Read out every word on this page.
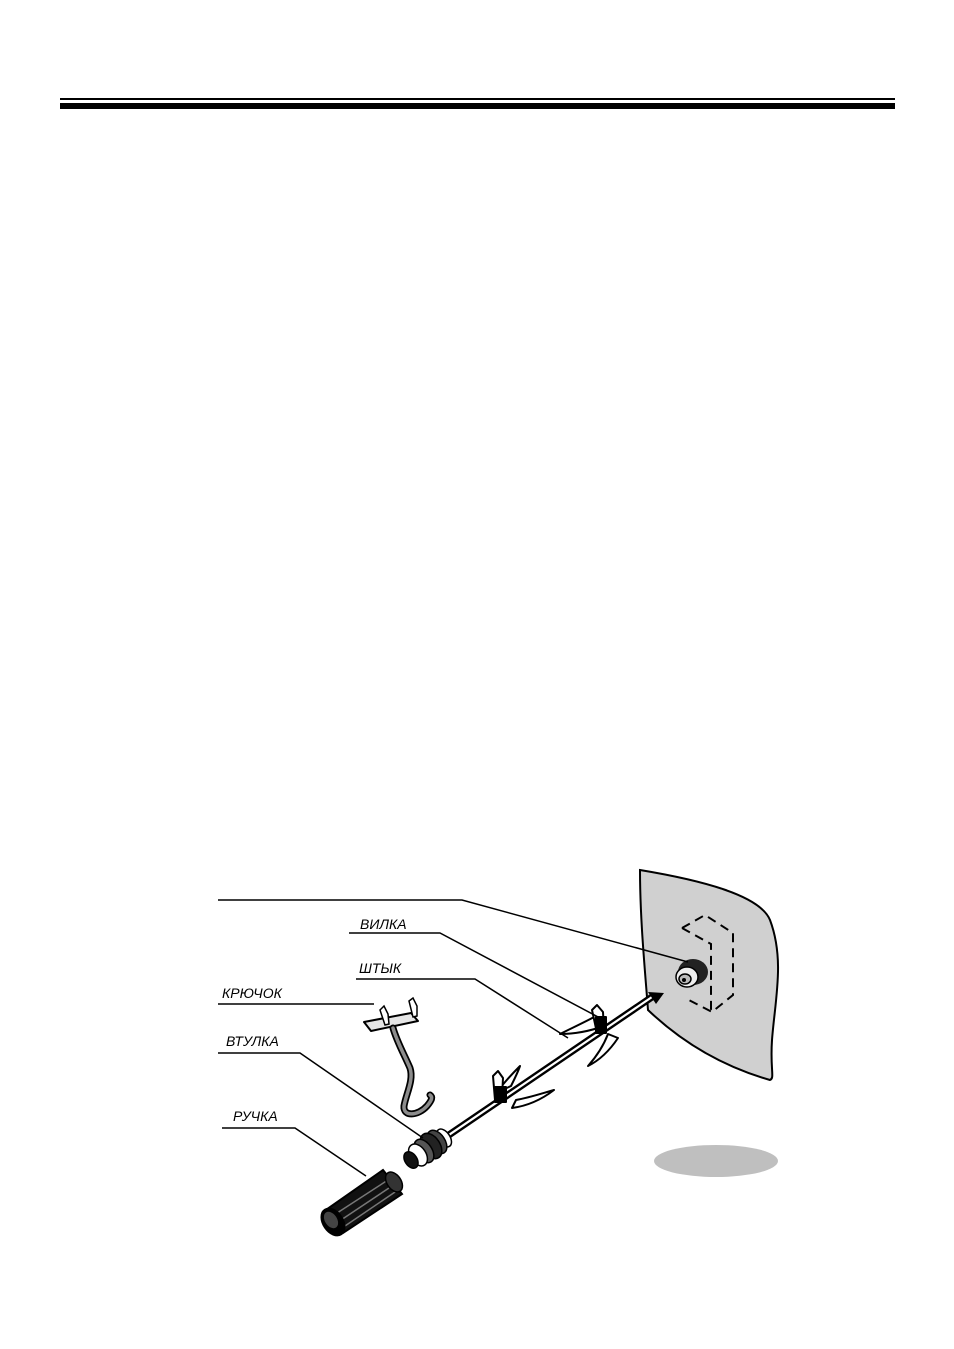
ВИЛКА
ШТЫК
КРЮЧОК
ВТУЛКА
РУЧКА
